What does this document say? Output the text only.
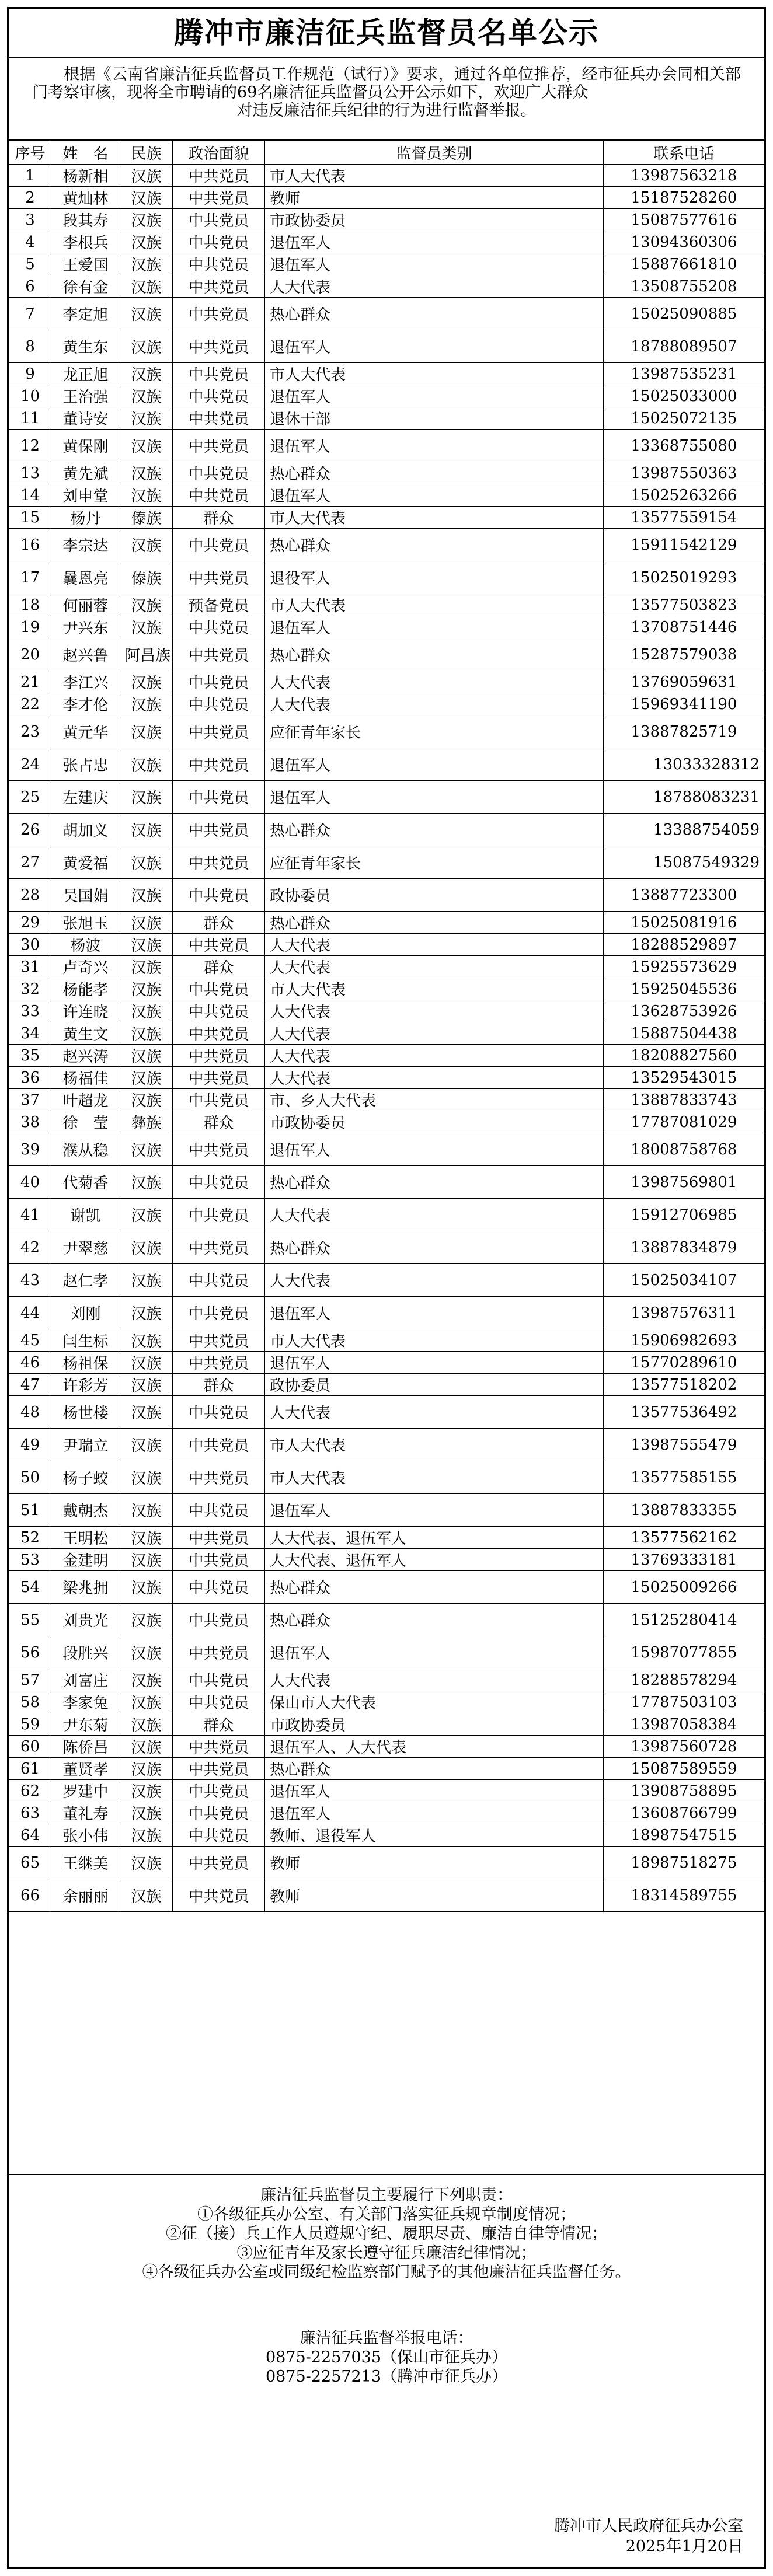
腾冲市廉洁征兵监督员名单公示
根据《云南省廉洁征兵监督员工作规范（试行）》要求，通过各单位推荐，经市征兵办会同相关部门考察审核，现将全市聘请的69名廉洁征兵监督员公开公示如下，欢迎广大群众
对违反廉洁征兵纪律的行为进行监督举报。
序号	姓　名	民族	政治面貌	监督员类别	联系电话
1	杨新相	汉族	中共党员	市人大代表	13987563218
2	黄灿林	汉族	中共党员	教师	15187528260
3	段其寿	汉族	中共党员	市政协委员	15087577616
4	李根兵	汉族	中共党员	退伍军人	13094360306
5	王爱国	汉族	中共党员	退伍军人	15887661810
6	徐有金	汉族	中共党员	人大代表	13508755208
7	李定旭	汉族	中共党员	热心群众	15025090885
8	黄生东	汉族	中共党员	退伍军人	18788089507
9	龙正旭	汉族	中共党员	市人大代表	13987535231
10	王治强	汉族	中共党员	退伍军人	15025033000
11	董诗安	汉族	中共党员	退休干部	15025072135
12	黄保刚	汉族	中共党员	退伍军人	13368755080
13	黄先斌	汉族	中共党员	热心群众	13987550363
14	刘申堂	汉族	中共党员	退伍军人	15025263266
15	杨丹	傣族	群众	市人大代表	13577559154
16	李宗达	汉族	中共党员	热心群众	15911542129
17	曩恩亮	傣族	中共党员	退役军人	15025019293
18	何丽蓉	汉族	预备党员	市人大代表	13577503823
19	尹兴东	汉族	中共党员	退伍军人	13708751446
20	赵兴鲁	阿昌族	中共党员	热心群众	15287579038
21	李江兴	汉族	中共党员	人大代表	13769059631
22	李才伦	汉族	中共党员	人大代表	15969341190
23	黄元华	汉族	中共党员	应征青年家长	13887825719
24	张占忠	汉族	中共党员	退伍军人	13033328312
25	左建庆	汉族	中共党员	退伍军人	18788083231
26	胡加义	汉族	中共党员	热心群众	13388754059
27	黄爱福	汉族	中共党员	应征青年家长	15087549329
28	吴国娟	汉族	中共党员	政协委员	13887723300
29	张旭玉	汉族	群众	热心群众	15025081916
30	杨波	汉族	中共党员	人大代表	18288529897
31	卢奇兴	汉族	群众	人大代表	15925573629
32	杨能孝	汉族	中共党员	市人大代表	15925045536
33	许连晓	汉族	中共党员	人大代表	13628753926
34	黄生文	汉族	中共党员	人大代表	15887504438
35	赵兴涛	汉族	中共党员	人大代表	18208827560
36	杨福佳	汉族	中共党员	人大代表	13529543015
37	叶超龙	汉族	中共党员	市、乡人大代表	13887833743
38	徐　莹	彝族	群众	市政协委员	17787081029
39	濮从稳	汉族	中共党员	退伍军人	18008758768
40	代菊香	汉族	中共党员	热心群众	13987569801
41	谢凯	汉族	中共党员	人大代表	15912706985
42	尹翠慈	汉族	中共党员	热心群众	13887834879
43	赵仁孝	汉族	中共党员	人大代表	15025034107
44	刘刚	汉族	中共党员	退伍军人	13987576311
45	闫生标	汉族	中共党员	市人大代表	15906982693
46	杨祖保	汉族	中共党员	退伍军人	15770289610
47	许彩芳	汉族	群众	政协委员	13577518202
48	杨世楼	汉族	中共党员	人大代表	13577536492
49	尹瑞立	汉族	中共党员	市人大代表	13987555479
50	杨子蛟	汉族	中共党员	市人大代表	13577585155
51	戴朝杰	汉族	中共党员	退伍军人	13887833355
52	王明松	汉族	中共党员	人大代表、退伍军人	13577562162
53	金建明	汉族	中共党员	人大代表、退伍军人	13769333181
54	梁兆拥	汉族	中共党员	热心群众	15025009266
55	刘贵光	汉族	中共党员	热心群众	15125280414
56	段胜兴	汉族	中共党员	退伍军人	15987077855
57	刘富庄	汉族	中共党员	人大代表	18288578294
58	李家兔	汉族	中共党员	保山市人大代表	17787503103
59	尹东菊	汉族	群众	市政协委员	13987058384
60	陈侨昌	汉族	中共党员	退伍军人、人大代表	13987560728
61	董贤孝	汉族	中共党员	热心群众	15087589559
62	罗建中	汉族	中共党员	退伍军人	13908758895
63	董礼寿	汉族	中共党员	退伍军人	13608766799
64	张小伟	汉族	中共党员	教师、退役军人	18987547515
65	王继美	汉族	中共党员	教师	18987518275
66	余丽丽	汉族	中共党员	教师	18314589755
廉洁征兵监督员主要履行下列职责：
①各级征兵办公室、有关部门落实征兵规章制度情况；
②征（接）兵工作人员遵规守纪、履职尽责、廉洁自律等情况；
③应征青年及家长遵守征兵廉洁纪律情况；
④各级征兵办公室或同级纪检监察部门赋予的其他廉洁征兵监督任务。
廉洁征兵监督举报电话：
0875-2257035（保山市征兵办）
0875-2257213（腾冲市征兵办）
腾冲市人民政府征兵办公室
2025年1月20日
